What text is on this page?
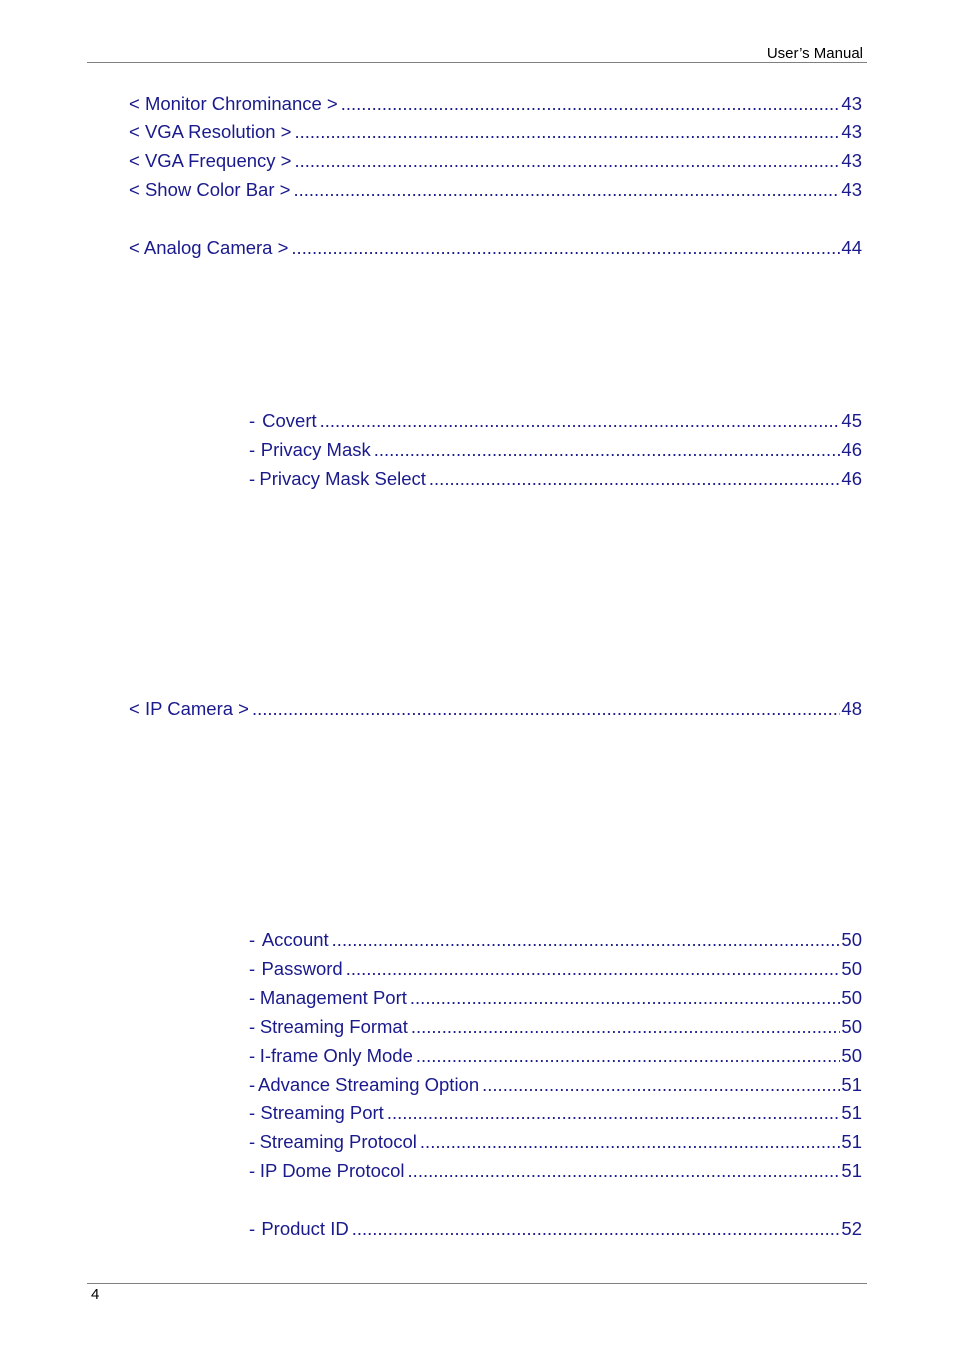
User’s Manual
< Monitor Chrominance > .....	43
< VGA Resolution > .....	43
< VGA Frequency > .....	43
< Show Color Bar > .....	43
< Analog Camera > .....	44
- Covert .....	45
- Privacy Mask .....	46
- Privacy Mask Select .....	46
< IP Camera > .....	48
- Account .....	50
- Password .....	50
- Management Port .....	50
- Streaming Format .....	50
- I-frame Only Mode .....	50
- Advance Streaming Option .....	51
- Streaming Port .....	51
- Streaming Protocol .....	51
- IP Dome Protocol .....	51
- Product ID .....	52
4
